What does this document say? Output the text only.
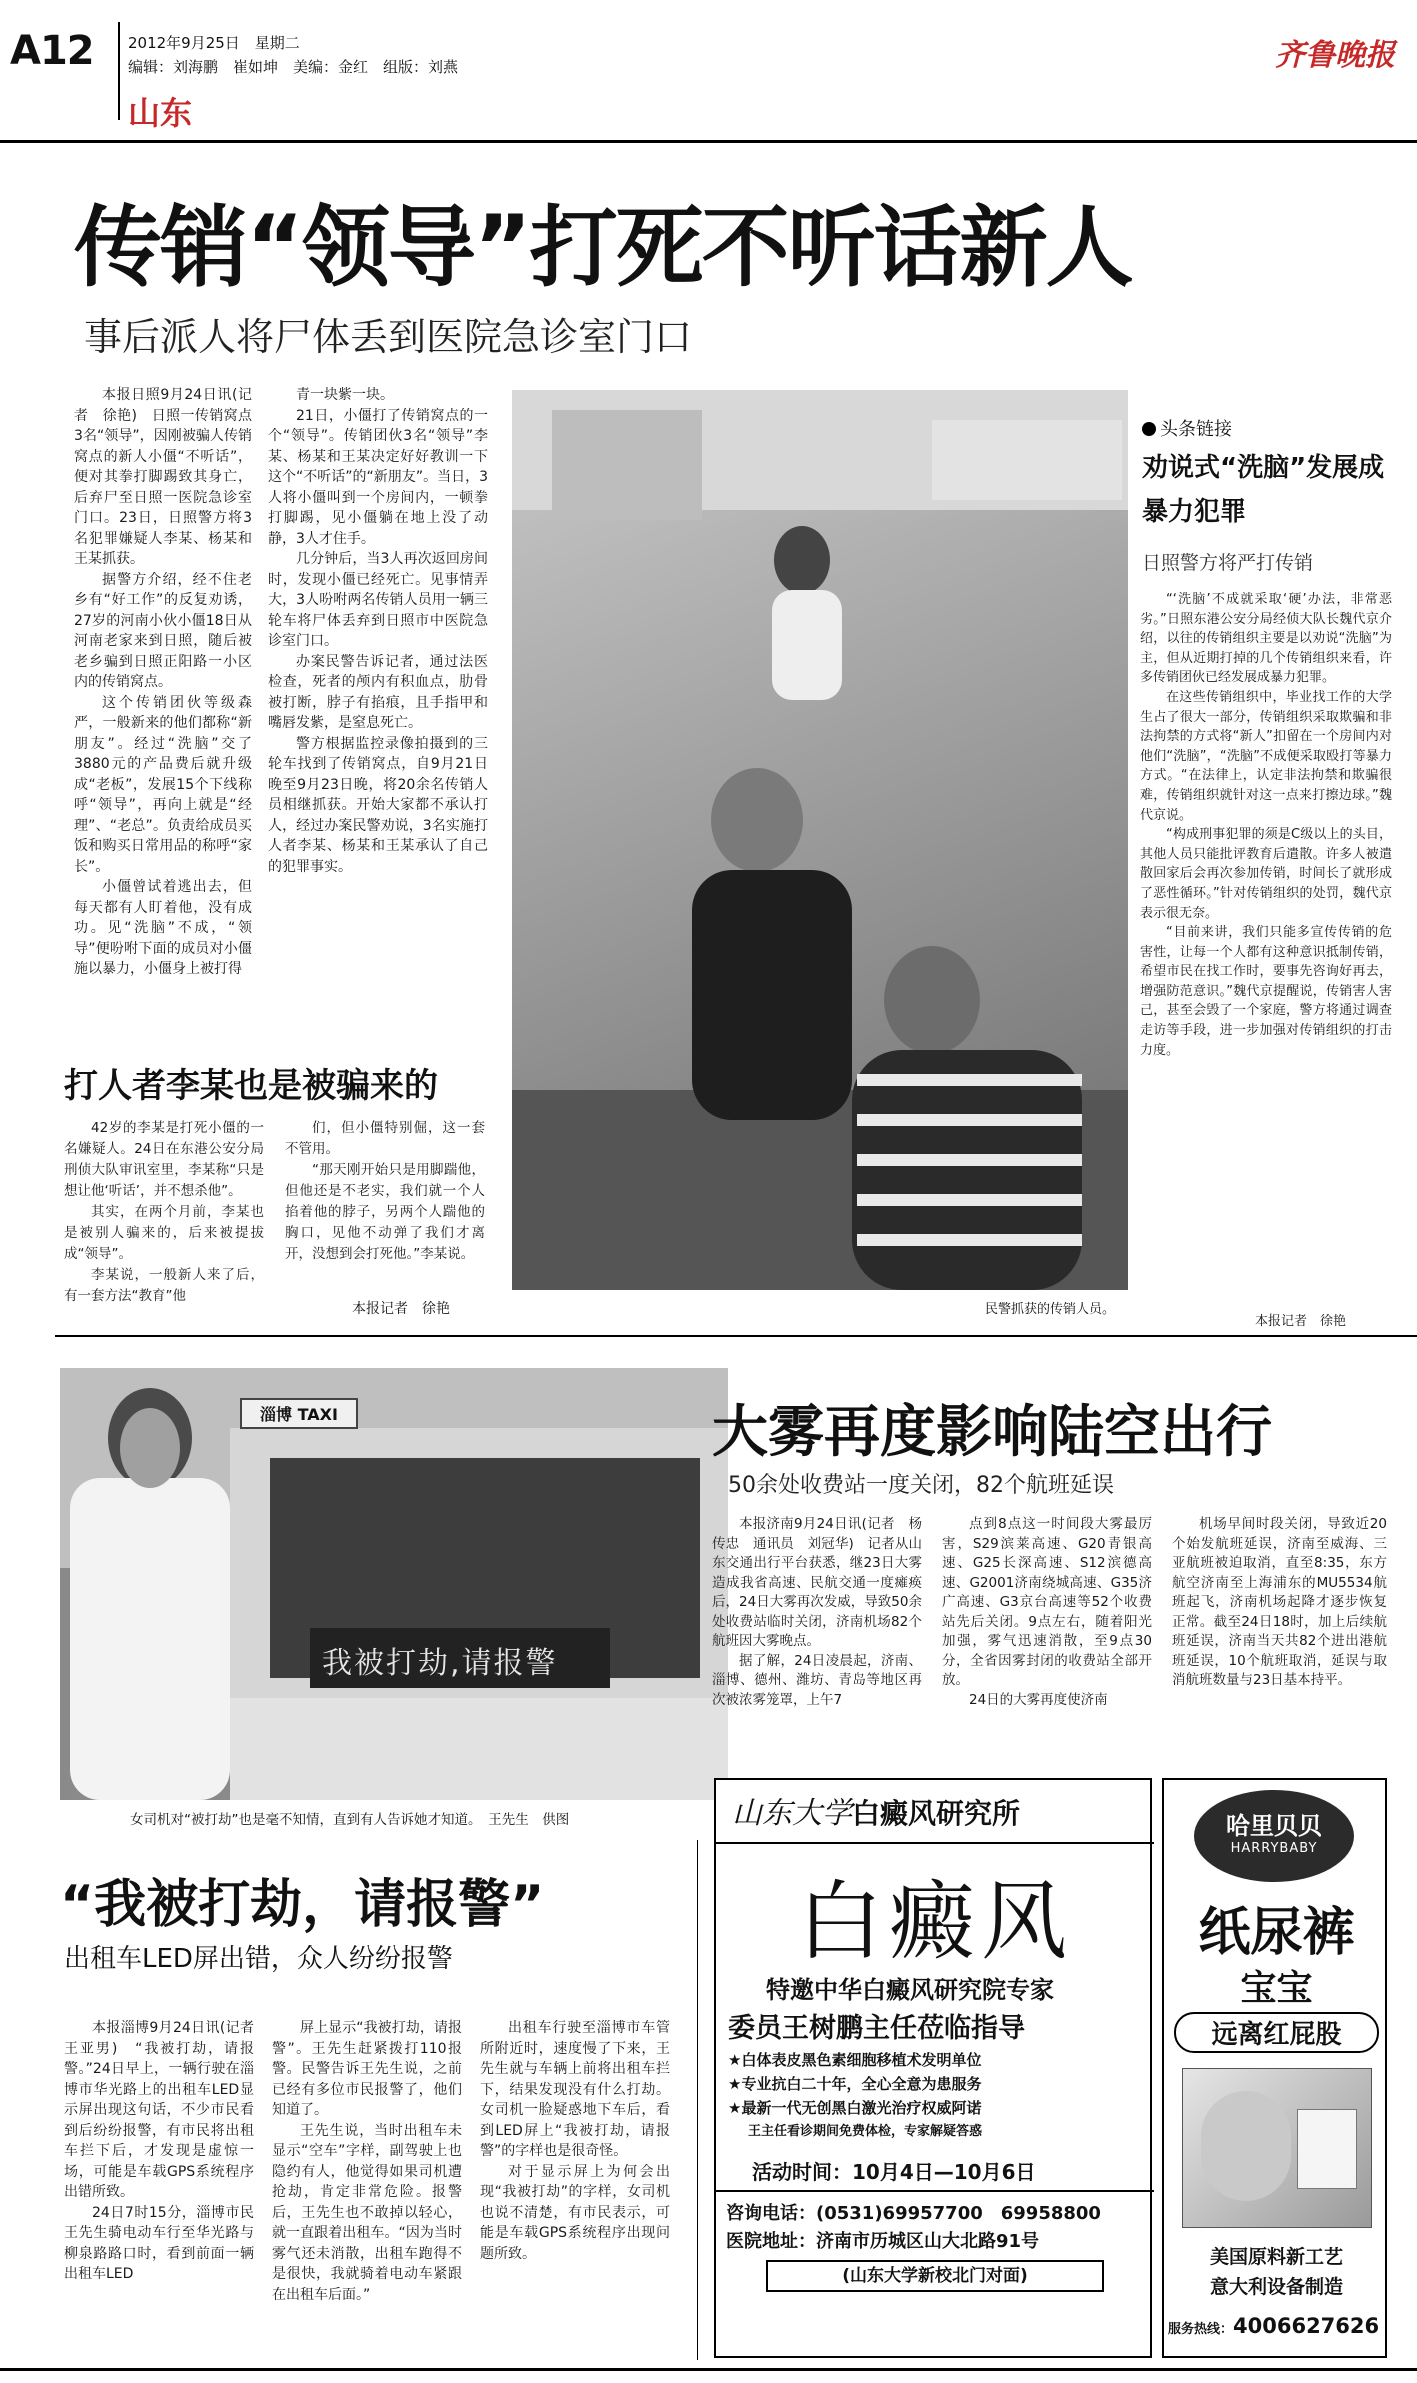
A12 2012年9月25日　星期二
编辑：刘海鹏　崔如坤　美编：金红　组版：刘燕
山东
齐鲁晚报
传销“领导”打死不听话新人
事后派人将尸体丢到医院急诊室门口

本报日照9月24日讯(记者　徐艳)　日照一传销窝点3名“领导”，因刚被骗人传销窝点的新人小僵“不听话”，便对其拳打脚踢致其身亡，后弃尸至日照一医院急诊室门口。23日，日照警方将3名犯罪嫌疑人李某、杨某和王某抓获。

据警方介绍，经不住老乡有“好工作”的反复劝诱，27岁的河南小伙小僵18日从河南老家来到日照，随后被老乡骗到日照正阳路一小区内的传销窝点。

这个传销团伙等级森严，一般新来的他们都称“新朋友”。经过“洗脑”交了3880元的产品费后就升级成“老板”，发展15个下线称呼“领导”，再向上就是“经理”、“老总”。负责给成员买饭和购买日常用品的称呼“家长”。

小僵曾试着逃出去，但每天都有人盯着他，没有成功。见“洗脑”不成，“领导”便吩咐下面的成员对小僵施以暴力，小僵身上被打得

青一块紫一块。

21日，小僵打了传销窝点的一个“领导”。传销团伙3名“领导”李某、杨某和王某决定好好教训一下这个“不听话”的“新朋友”。当日，3人将小僵叫到一个房间内，一顿拳打脚踢，见小僵躺在地上没了动静，3人才住手。

几分钟后，当3人再次返回房间时，发现小僵已经死亡。见事情弄大，3人吩咐两名传销人员用一辆三轮车将尸体丢弃到日照市中医院急诊室门口。

办案民警告诉记者，通过法医检查，死者的颅内有积血点，肋骨被打断，脖子有掐痕，且手指甲和嘴唇发紫，是窒息死亡。

警方根据监控录像拍摄到的三轮车找到了传销窝点，自9月21日晚至9月23日晚，将20余名传销人员相继抓获。开始大家都不承认打人，经过办案民警劝说，3名实施打人者李某、杨某和王某承认了自己的犯罪事实。

民警抓获的传销人员。
打人者李某也是被骗来的

42岁的李某是打死小僵的一名嫌疑人。24日在东港公安分局刑侦大队审讯室里，李某称“只是想让他‘听话’，并不想杀他”。

其实，在两个月前，李某也是被别人骗来的，后来被提拔成“领导”。

李某说，一般新人来了后，有一套方法“教育”他

们，但小僵特别倔，这一套不管用。

“那天刚开始只是用脚踹他，但他还是不老实，我们就一个人掐着他的脖子，另两个人踹他的胸口，见他不动弹了我们才离开，没想到会打死他。”李某说。

本报记者　徐艳
头条链接
劝说式“洗脑”发展成暴力犯罪
日照警方将严打传销

“‘洗脑’不成就采取‘硬’办法，非常恶劣。”日照东港公安分局经侦大队长魏代京介绍，以往的传销组织主要是以劝说“洗脑”为主，但从近期打掉的几个传销组织来看，许多传销团伙已经发展成暴力犯罪。

在这些传销组织中，毕业找工作的大学生占了很大一部分，传销组织采取欺骗和非法拘禁的方式将“新人”扣留在一个房间内对他们“洗脑”，“洗脑”不成便采取殴打等暴力方式。“在法律上，认定非法拘禁和欺骗很难，传销组织就针对这一点来打擦边球。”魏代京说。

“构成刑事犯罪的须是C级以上的头目，其他人员只能批评教育后遣散。许多人被遣散回家后会再次参加传销，时间长了就形成了恶性循环。”针对传销组织的处罚，魏代京表示很无奈。

“目前来讲，我们只能多宣传传销的危害性，让每一个人都有这种意识抵制传销，希望市民在找工作时，要事先咨询好再去，增强防范意识。”魏代京提醒说，传销害人害己，甚至会毁了一个家庭，警方将通过调查走访等手段，进一步加强对传销组织的打击力度。

本报记者　徐艳
淄博 TAXI
我被打劫,请报警
女司机对“被打劫”也是毫不知情，直到有人告诉她才知道。　王先生　供图
“我被打劫，请报警”
出租车LED屏出错，众人纷纷报警

本报淄博9月24日讯(记者　王亚男)　“我被打劫，请报警。”24日早上，一辆行驶在淄博市华光路上的出租车LED显示屏出现这句话，不少市民看到后纷纷报警，有市民将出租车拦下后，才发现是虚惊一场，可能是车载GPS系统程序出错所致。

24日7时15分，淄博市民王先生骑电动车行至华光路与柳泉路路口时，看到前面一辆出租车LED

屏上显示“我被打劫，请报警”。王先生赶紧拨打110报警。民警告诉王先生说，之前已经有多位市民报警了，他们知道了。

王先生说，当时出租车未显示“空车”字样，副驾驶上也隐约有人，他觉得如果司机遭抢劫，肯定非常危险。报警后，王先生也不敢掉以轻心，就一直跟着出租车。“因为当时雾气还未消散，出租车跑得不是很快，我就骑着电动车紧跟在出租车后面。”

出租车行驶至淄博市车管所附近时，速度慢了下来，王先生就与车辆上前将出租车拦下，结果发现没有什么打劫。女司机一脸疑惑地下车后，看到LED屏上“我被打劫，请报警”的字样也是很奇怪。

对于显示屏上为何会出现“我被打劫”的字样，女司机也说不清楚，有市民表示，可能是车载GPS系统程序出现问题所致。

大雾再度影响陆空出行
50余处收费站一度关闭，82个航班延误

本报济南9月24日讯(记者　杨传忠　通讯员　刘冠华)　记者从山东交通出行平台获悉，继23日大雾造成我省高速、民航交通一度瘫痪后，24日大雾再次发威，导致50余处收费站临时关闭，济南机场82个航班因大雾晚点。

据了解，24日凌晨起，济南、淄博、德州、潍坊、青岛等地区再次被浓雾笼罩，上午7

点到8点这一时间段大雾最厉害，S29滨莱高速、G20青银高速、G25长深高速、S12滨德高速、G2001济南绕城高速、G35济广高速、G3京台高速等52个收费站先后关闭。9点左右，随着阳光加强，雾气迅速消散，至9点30分，全省因雾封闭的收费站全部开放。

24日的大雾再度使济南

机场早间时段关闭，导致近20个始发航班延误，济南至威海、三亚航班被迫取消，直至8:35，东方航空济南至上海浦东的MU5534航班起飞，济南机场起降才逐步恢复正常。截至24日18时，加上后续航班延误，济南当天共82个进出港航班延误，10个航班取消，延误与取消航班数量与23日基本持平。

山东大学白癜风研究所
白癜风
特邀中华白癜风研究院专家
委员王树鹏主任莅临指导
★白体表皮黑色素细胞移植术发明单位
★专业抗白二十年，全心全意为患服务
★最新一代无创黑白激光治疗权威阿诺
王主任看诊期间免费体检，专家解疑答惑
活动时间：10月4日—10月6日
咨询电话：(0531)69957700　69958800
医院地址：济南市历城区山大北路91号
(山东大学新校北门对面)
哈里贝贝
HARRYBABY
纸尿裤
宝宝
远离红屁股
美国原料新工艺
意大利设备制造
服务热线：4006627626
